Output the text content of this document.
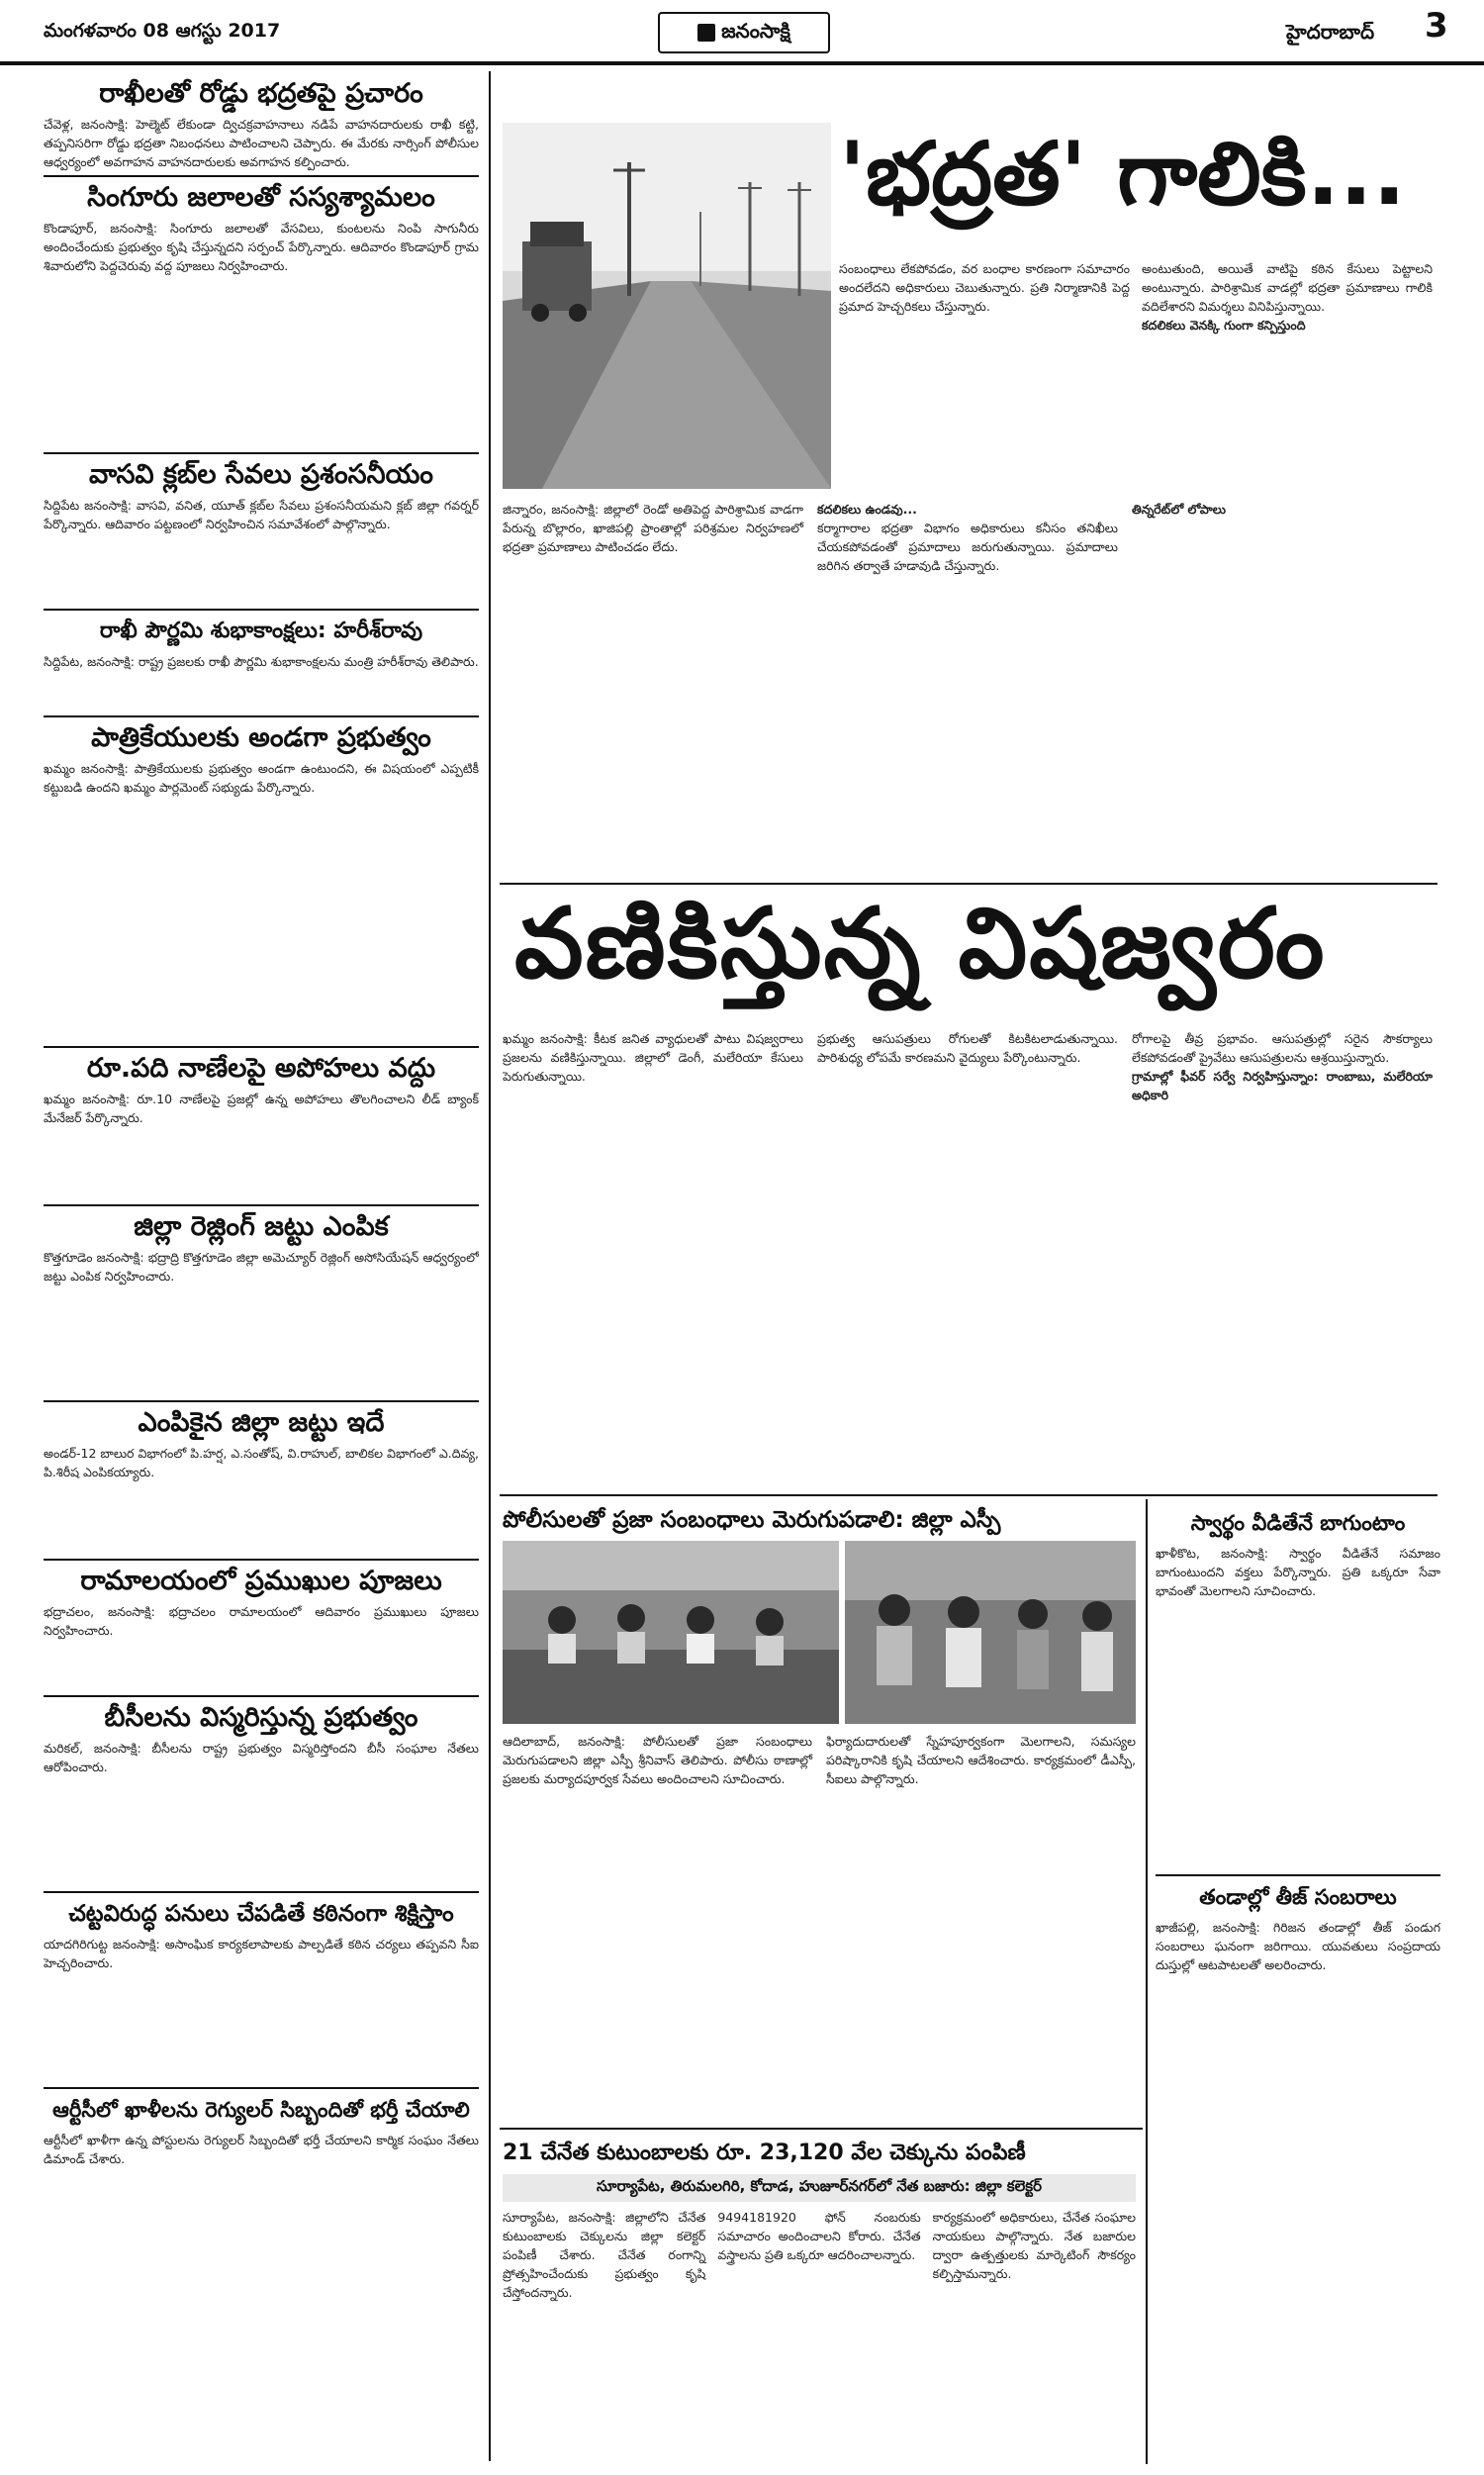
మంగళవారం 08 ఆగస్టు 2017	జనంసాక్షి	హైదరాబాద్ 3
రాఖీలతో రోడ్డు భద్రతపై ప్రచారం
చేవెళ్ల, జనంసాక్షి: హెల్మెట్ లేకుండా ద్విచక్రవాహనాలు నడిపే వాహనదారులకు రాఖీ కట్టి, తప్పనిసరిగా రోడ్డు భద్రతా నిబంధనలు పాటించాలని చెప్పారు. ఈ మేరకు నార్సింగ్ పోలీసుల ఆధ్వర్యంలో అవగాహన వాహనదారులకు అవగాహన కల్పించారు.
సింగూరు జలాలతో సస్యశ్యామలం
కొండాపూర్, జనంసాక్షి: సింగూరు జలాలతో వేసవిలు, కుంటలను నింపి సాగునీరు అందించేందుకు ప్రభుత్వం కృషి చేస్తున్నదని సర్పంచ్ పేర్కొన్నారు. ఆదివారం కొండాపూర్ గ్రామ శివారులోని పెద్దచెరువు వద్ద పూజలు నిర్వహించారు.
వాసవి క్లబ్‌ల సేవలు ప్రశంసనీయం
సిద్దిపేట జనంసాక్షి: వాసవి, వనిత, యూత్ క్లబ్‌ల సేవలు ప్రశంసనీయమని క్లబ్ జిల్లా గవర్నర్ పేర్కొన్నారు. ఆదివారం పట్టణంలో నిర్వహించిన సమావేశంలో పాల్గొన్నారు.
రాఖీ పౌర్ణమి శుభాకాంక్షలు: హరీశ్‌రావు
సిద్దిపేట, జనంసాక్షి: రాష్ట్ర ప్రజలకు రాఖీ పౌర్ణమి శుభాకాంక్షలను మంత్రి హరీశ్‌రావు తెలిపారు.
పాత్రికేయులకు అండగా ప్రభుత్వం
ఖమ్మం జనంసాక్షి: పాత్రికేయులకు ప్రభుత్వం అండగా ఉంటుందని, ఈ విషయంలో ఎప్పటికీ కట్టుబడి ఉందని ఖమ్మం పార్లమెంట్ సభ్యుడు పేర్కొన్నారు.
రూ.పది నాణేలపై అపోహలు వద్దు
ఖమ్మం జనంసాక్షి: రూ.10 నాణేలపై ప్రజల్లో ఉన్న అపోహలు తొలగించాలని లీడ్ బ్యాంక్ మేనేజర్ పేర్కొన్నారు.
జిల్లా రెజ్లింగ్ జట్టు ఎంపిక
కొత్తగూడెం జనంసాక్షి: భద్రాద్రి కొత్తగూడెం జిల్లా అమెచ్యూర్ రెజ్లింగ్ అసోసియేషన్ ఆధ్వర్యంలో జట్టు ఎంపిక నిర్వహించారు.
ఎంపికైన జిల్లా జట్టు ఇదే
అండర్-12 బాలుర విభాగంలో పి.హర్ష, ఎ.సంతోష్, వి.రాహుల్, బాలికల విభాగంలో ఎ.దివ్య, పి.శిరీష ఎంపికయ్యారు.
రామాలయంలో ప్రముఖుల పూజలు
భద్రాచలం, జనంసాక్షి: భద్రాచలం రామాలయంలో ఆదివారం ప్రముఖులు పూజలు నిర్వహించారు.
బీసీలను విస్మరిస్తున్న ప్రభుత్వం
మరికల్, జనంసాక్షి: బీసీలను రాష్ట్ర ప్రభుత్వం విస్మరిస్తోందని బీసీ సంఘాల నేతలు ఆరోపించారు.
చట్టవిరుద్ధ పనులు చేపడితే కఠినంగా శిక్షిస్తాం
యాదగిరిగుట్ట జనంసాక్షి: అసాంఘిక కార్యకలాపాలకు పాల్పడితే కఠిన చర్యలు తప్పవని సీఐ హెచ్చరించారు.
ఆర్టీసీలో ఖాళీలను రెగ్యులర్ సిబ్బందితో భర్తీ చేయాలి
ఆర్టీసీలో ఖాళీగా ఉన్న పోస్టులను రెగ్యులర్ సిబ్బందితో భర్తీ చేయాలని కార్మిక సంఘం నేతలు డిమాండ్ చేశారు.
'భద్రత' గాలికి...
సంబంధాలు లేకపోవడం, వర బంధాల కారణంగా సమాచారం అందలేదని అధికారులు చెబుతున్నారు. ప్రతి నిర్మాణానికి పెద్ద ప్రమాద హెచ్చరికలు చేస్తున్నారు.
అంటుతుంది, అయితే వాటిపై కఠిన కేసులు పెట్టాలని అంటున్నారు. పారిశ్రామిక వాడల్లో భద్రతా ప్రమాణాలు గాలికి వదిలేశారని విమర్శలు వినిపిస్తున్నాయి.
కదలికలు వెనక్కి గుంగా కన్పిస్తుంది
జిన్నారం, జనంసాక్షి: జిల్లాలో రెండో అతిపెద్ద పారిశ్రామిక వాడగా పేరున్న బొల్లారం, ఖాజిపల్లి ప్రాంతాల్లో పరిశ్రమల నిర్వహణలో భద్రతా ప్రమాణాలు పాటించడం లేదు.
కదలికలు ఉండవు...
కర్మాగారాల భద్రతా విభాగం అధికారులు కనీసం తనిఖీలు చేయకపోవడంతో ప్రమాదాలు జరుగుతున్నాయి. ప్రమాదాలు జరిగిన తర్వాతే హడావుడి చేస్తున్నారు.
తిన్నరేట్‌లో లోపాలు
వణికిస్తున్న విషజ్వరం
ఖమ్మం జనంసాక్షి: కీటక జనిత వ్యాధులతో పాటు విషజ్వరాలు ప్రజలను వణికిస్తున్నాయి. జిల్లాలో డెంగీ, మలేరియా కేసులు పెరుగుతున్నాయి.
ప్రభుత్వ ఆసుపత్రులు రోగులతో కిటకిటలాడుతున్నాయి. పారిశుధ్య లోపమే కారణమని వైద్యులు పేర్కొంటున్నారు.
రోగాలపై తీవ్ర ప్రభావం. ఆసుపత్రుల్లో సరైన సౌకర్యాలు లేకపోవడంతో ప్రైవేటు ఆసుపత్రులను ఆశ్రయిస్తున్నారు.
గ్రామాల్లో ఫీవర్ సర్వే నిర్వహిస్తున్నాం: రాంబాబు, మలేరియా అధికారి
పోలీసులతో ప్రజా సంబంధాలు మెరుగుపడాలి: జిల్లా ఎస్పీ
ఆదిలాబాద్, జనంసాక్షి: పోలీసులతో ప్రజా సంబంధాలు మెరుగుపడాలని జిల్లా ఎస్పీ శ్రీనివాస్ తెలిపారు. పోలీసు ఠాణాల్లో ప్రజలకు మర్యాదపూర్వక సేవలు అందించాలని సూచించారు.
ఫిర్యాదుదారులతో స్నేహపూర్వకంగా మెలగాలని, సమస్యల పరిష్కారానికి కృషి చేయాలని ఆదేశించారు. కార్యక్రమంలో డీఎస్పీ, సీఐలు పాల్గొన్నారు.
21 చేనేత కుటుంబాలకు రూ. 23,120 వేల చెక్కును పంపిణీ
సూర్యాపేట, తిరుమలగిరి, కోదాడ, హుజూర్‌నగర్‌లో నేత బజారు: జిల్లా కలెక్టర్
సూర్యాపేట, జనంసాక్షి: జిల్లాలోని చేనేత కుటుంబాలకు చెక్కులను జిల్లా కలెక్టర్ పంపిణీ చేశారు. చేనేత రంగాన్ని ప్రోత్సహించేందుకు ప్రభుత్వం కృషి చేస్తోందన్నారు.
9494181920 ఫోన్ నంబరుకు సమాచారం అందించాలని కోరారు. చేనేత వస్త్రాలను ప్రతి ఒక్కరూ ఆదరించాలన్నారు.
కార్యక్రమంలో అధికారులు, చేనేత సంఘాల నాయకులు పాల్గొన్నారు. నేత బజారుల ద్వారా ఉత్పత్తులకు మార్కెటింగ్ సౌకర్యం కల్పిస్తామన్నారు.
స్వార్థం వీడితేనే బాగుంటాం
ఖాళీకొట, జనంసాక్షి: స్వార్థం వీడితేనే సమాజం బాగుంటుందని వక్తలు పేర్కొన్నారు. ప్రతి ఒక్కరూ సేవా భావంతో మెలగాలని సూచించారు.
తండాల్లో తీజ్ సంబరాలు
ఖాజీపల్లి, జనంసాక్షి: గిరిజన తండాల్లో తీజ్ పండుగ సంబరాలు ఘనంగా జరిగాయి. యువతులు సంప్రదాయ దుస్తుల్లో ఆటపాటలతో అలరించారు.
